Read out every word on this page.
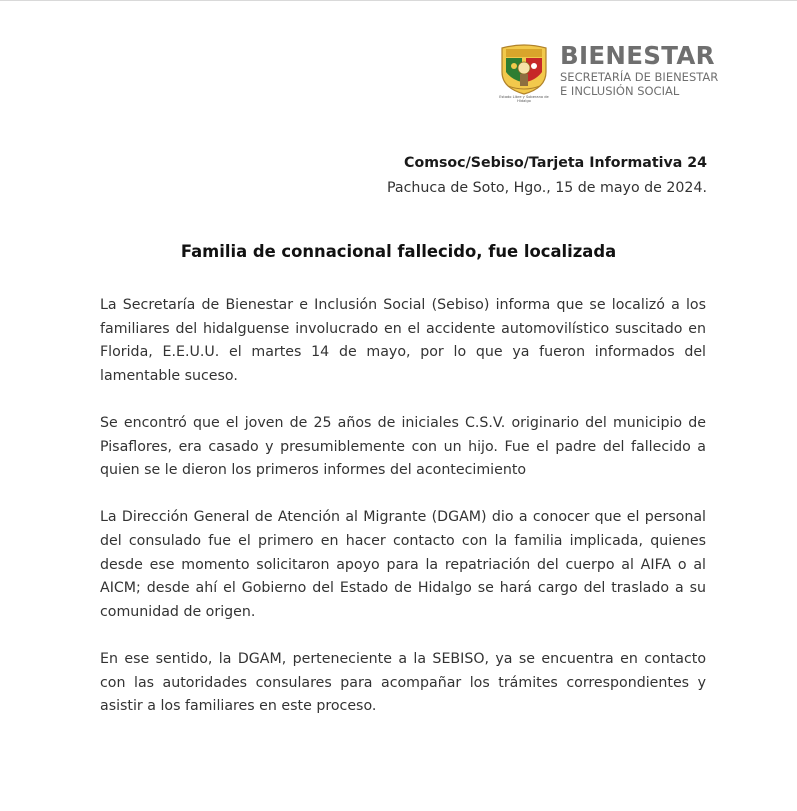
Estado Libre y Soberano de Hidalgo
BIENESTAR
SECRETARÍA DE BIENESTAR
E INCLUSIÓN SOCIAL
Comsoc/Sebiso/Tarjeta Informativa 24
Pachuca de Soto, Hgo., 15 de mayo de 2024.
Familia de connacional fallecido, fue localizada

La Secretaría de Bienestar e Inclusión Social (Sebiso) informa que se localizó a los familiares del hidalguense involucrado en el accidente automovilístico suscitado en Florida, E.E.U.U. el martes 14 de mayo, por lo que ya fueron informados del lamentable suceso.

Se encontró que el joven de 25 años de iniciales C.S.V. originario del municipio de Pisaflores, era casado y presumiblemente con un hijo. Fue el padre del fallecido a quien se le dieron los primeros informes del acontecimiento

La Dirección General de Atención al Migrante (DGAM) dio a conocer que el personal del consulado fue el primero en hacer contacto con la familia implicada, quienes desde ese momento solicitaron apoyo para la repatriación del cuerpo al AIFA o al AICM; desde ahí el Gobierno del Estado de Hidalgo se hará cargo del traslado a su comunidad de origen.

En ese sentido, la DGAM, perteneciente a la SEBISO, ya se encuentra en contacto con las autoridades consulares para acompañar los trámites correspondientes y asistir a los familiares en este proceso.
